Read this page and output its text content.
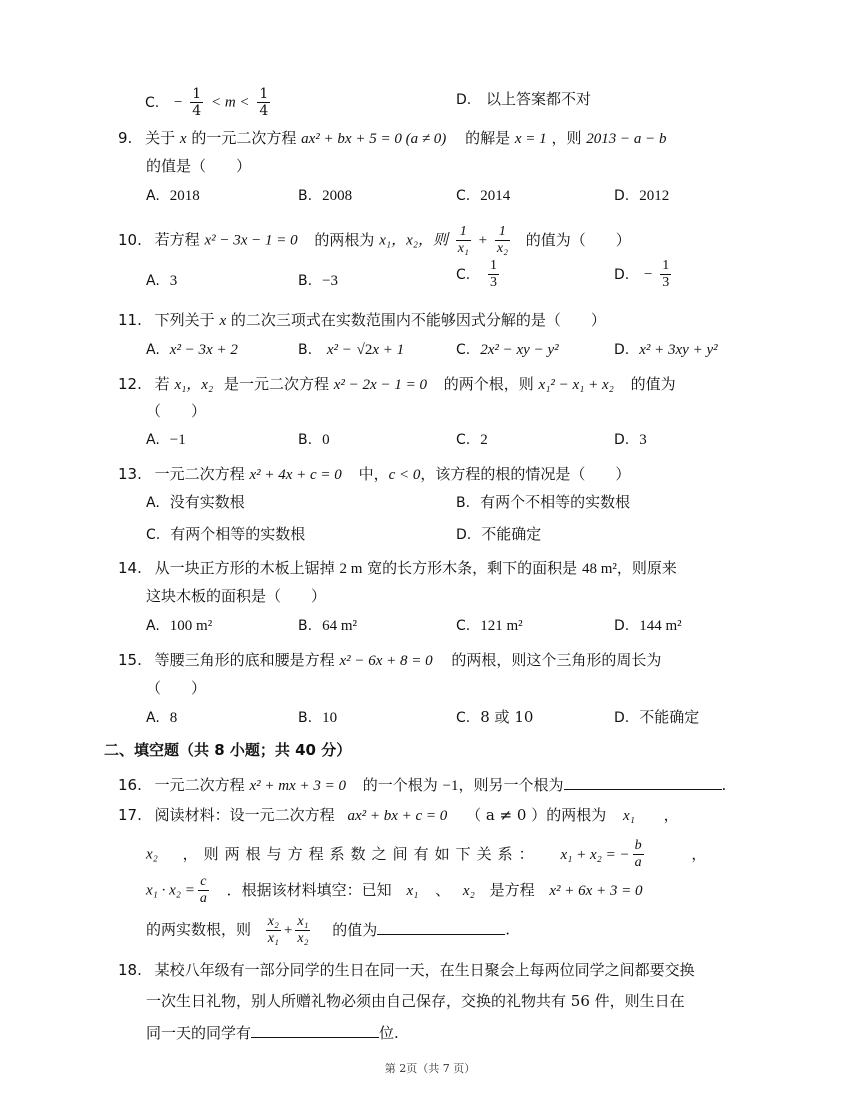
C. − $\frac{1}{4} < m < \frac{1}{4}$	D. 以上答案都不对
9. 关于 x 的一元二次方程 ax² + bx + 5 = 0 (a ≠ 0) 的解是 x = 1 ，则 2013 − a − b
的值是（　　）
A. 2018	B. 2008	C. 2014	D. 2012
10. 若方程 x² − 3x − 1 = 0 的两根为 x₁，x₂，则 $\frac{1}{\text{x₁}} + \frac{1}{\text{x₂}}$ 的值为（　　）
A. 3	B. −3	C. $\frac{1}{3}$	D. − $\frac{1}{3}$
11. 下列关于 x 的二次三项式在实数范围内不能够因式分解的是（　　）
A. x² − 3x + 2	B. x² − √2x + 1	C. 2x² − xy − y²	D. x² + 3xy + y²
12. 若 x₁，x₂ 是一元二次方程 x² − 2x − 1 = 0 的两个根，则 x₁² − x₁ + x₂ 的值为
（　　）
A. −1	B. 0	C. 2	D. 3
13. 一元二次方程 x² + 4x + c = 0 中，c < 0，该方程的根的情况是（　　）
A. 没有实数根	B. 有两个不相等的实数根
C. 有两个相等的实数根	D. 不能确定
14. 从一块正方形的木板上锯掉 2 m 宽的长方形木条，剩下的面积是 48 m²，则原来
这块木板的面积是（　　）
A. 100 m²	B. 64 m²	C. 121 m²	D. 144 m²
15. 等腰三角形的底和腰是方程 x² − 6x + 8 = 0 的两根，则这个三角形的周长为
（　　）
A. 8	B. 10	C. 8 或 10	D. 不能确定
二、填空题（共 8 小题；共 40 分）
16. 一元二次方程 x² + mx + 3 = 0 的一个根为 −1，则另一个根为	.
17. 阅读材料：设一元二次方程 ax² + bx + c = 0 （ a ≠ 0 ）的两根为 x₁ ，
x₂ ，则两根与方程系数之间有如下关系： x₁ + x₂ = − $\frac{b}{a}$	，
$x_1 \cdot x_2 = \frac{c}{a}$ ．根据该材料填空：已知 x₁ 、 x₂ 是方程 x² + 6x + 3 = 0
的两实数根，则 $\frac{\text{x₂}}{\text{x₁}} + \frac{\text{x₁}}{\text{x₂}}$ 的值为	.
18. 某校八年级有一部分同学的生日在同一天，在生日聚会上每两位同学之间都要交换
一次生日礼物，别人所赠礼物必须由自己保存，交换的礼物共有 56 件，则生日在
同一天的同学有	位.
第 2页（共 7 页）
